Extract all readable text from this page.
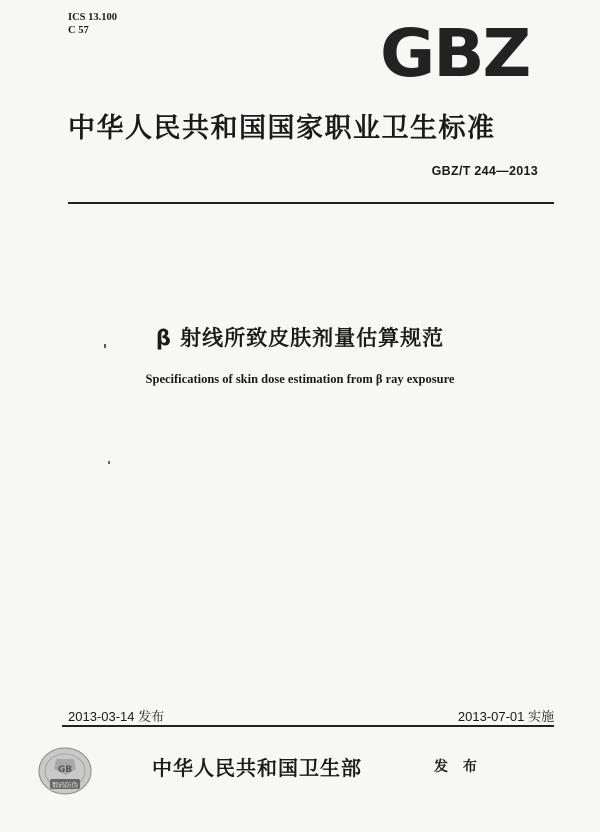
ICS 13.100
C 57	GBZ
中华人民共和国国家职业卫生标准
GBZ/T 244—2013
β 射线所致皮肤剂量估算规范
Specifications of skin dose estimation from β ray exposure
2013-03-14 发布	2013-07-01 实施
GB
数码防伪
中华人民共和国卫生部	发 布
